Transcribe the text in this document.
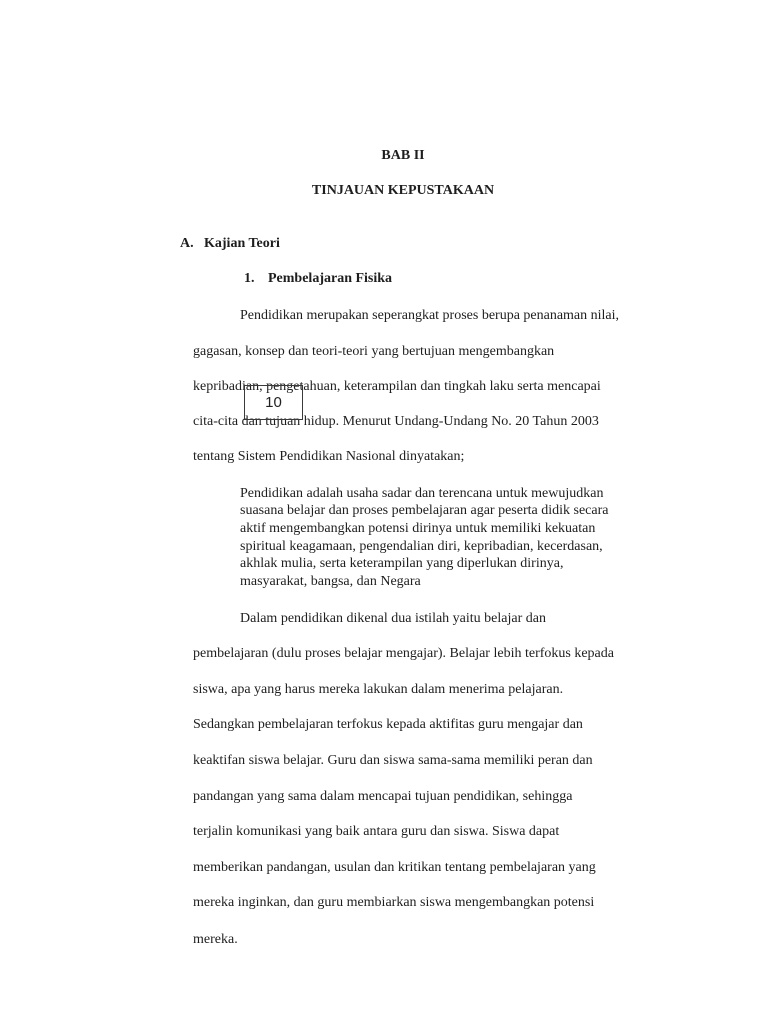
BAB II
TINJAUAN KEPUSTAKAAN
A. Kajian Teori
1. Pembelajaran Fisika
Pendidikan merupakan seperangkat proses berupa penanaman nilai,
gagasan, konsep dan teori-teori yang bertujuan mengembangkan
kepribadian, pengetahuan, keterampilan dan tingkah laku serta mencapai
cita-cita dan tujuan hidup. Menurut Undang-Undang No. 20 Tahun 2003
tentang Sistem Pendidikan Nasional dinyatakan;
10
Pendidikan adalah usaha sadar dan terencana untuk mewujudkan
suasana belajar dan proses pembelajaran agar peserta didik secara
aktif mengembangkan potensi dirinya untuk memiliki kekuatan
spiritual keagamaan, pengendalian diri, kepribadian, kecerdasan,
akhlak mulia, serta keterampilan yang diperlukan dirinya,
masyarakat, bangsa, dan Negara
Dalam pendidikan dikenal dua istilah yaitu belajar dan
pembelajaran (dulu proses belajar mengajar). Belajar lebih terfokus kepada
siswa, apa yang harus mereka lakukan dalam menerima pelajaran.
Sedangkan pembelajaran terfokus kepada aktifitas guru mengajar dan
keaktifan siswa belajar. Guru dan siswa sama-sama memiliki peran dan
pandangan yang sama dalam mencapai tujuan pendidikan, sehingga
terjalin komunikasi yang baik antara guru dan siswa. Siswa dapat
memberikan pandangan, usulan dan kritikan tentang pembelajaran yang
mereka inginkan, dan guru membiarkan siswa mengembangkan potensi
mereka.
